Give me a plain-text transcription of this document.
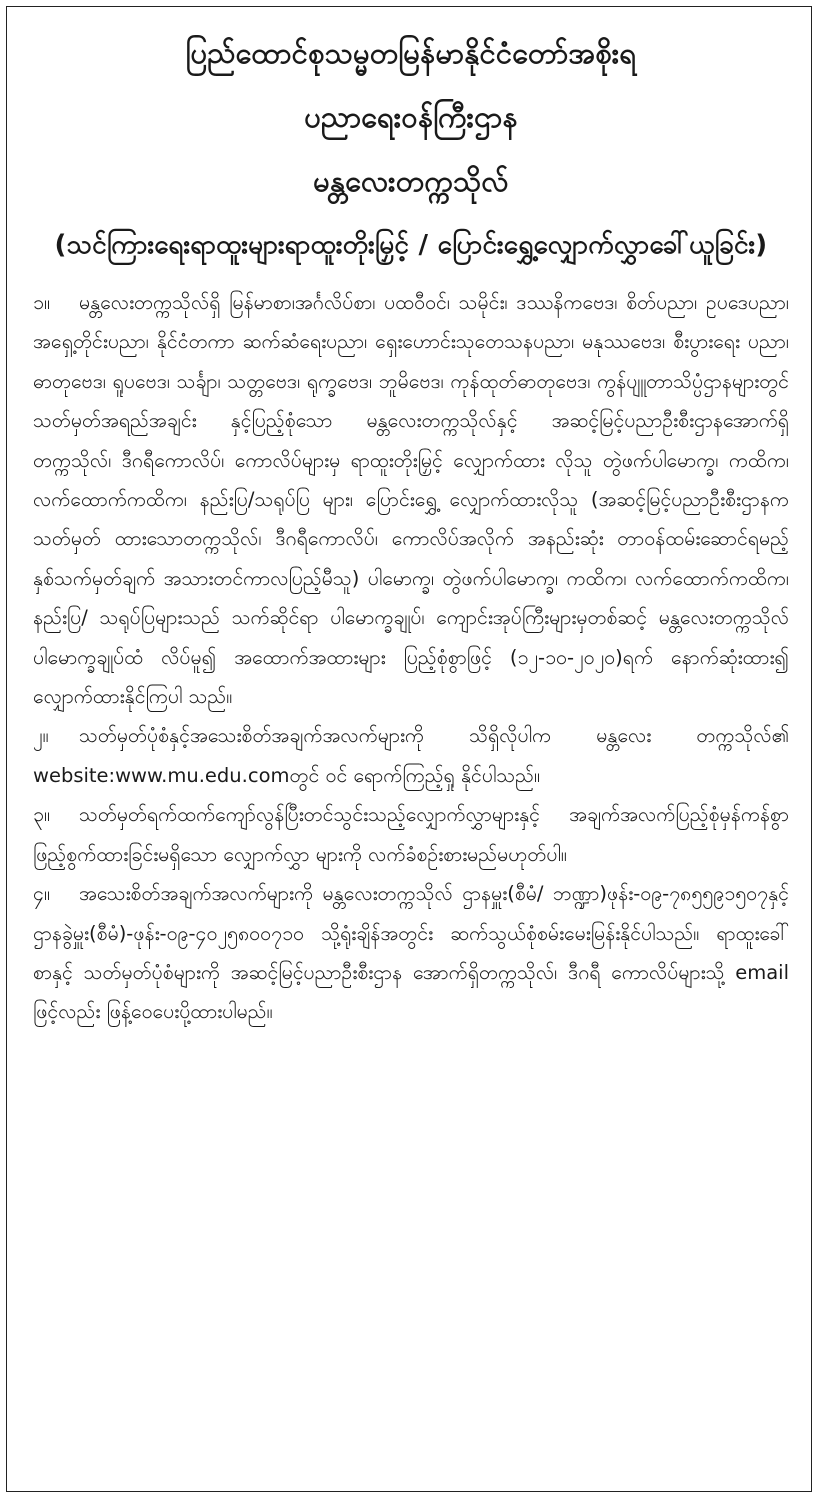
ပြည်ထောင်စုသမ္မတမြန်မာနိုင်ငံတော်အစိုးရ
ပညာရေးဝန်ကြီးဌာန
မန္တလေးတက္ကသိုလ်
(သင်ကြားရေးရာထူးများရာထူးတိုးမြှင့် / ပြောင်းရွှေ့လျှောက်လွှာခေါ်ယူခြင်း)

၁။ မန္တလေးတက္ကသိုလ်ရှိ မြန်မာစာ၊အင်္ဂလိပ်စာ၊ ပထဝီဝင်၊ သမိုင်း၊ ဒဿနိကဗေဒ၊ စိတ်ပညာ၊ ဥပဒေပညာ၊ အရှေ့တိုင်းပညာ၊ နိုင်ငံတကာ ဆက်ဆံရေးပညာ၊ ရှေးဟောင်းသုတေသနပညာ၊ မနုဿဗေဒ၊ စီးပွားရေး ပညာ၊ ဓာတုဗေဒ၊ ရူပဗေဒ၊ သင်္ချာ၊ သတ္တဗေဒ၊ ရုက္ခဗေဒ၊ ဘူမိဗေဒ၊ ကုန်ထုတ်ဓာတုဗေဒ၊ ကွန်ပျူတာသိပ္ပံဌာနများတွင် သတ်မှတ်အရည်အချင်း နှင့်ပြည့်စုံသော မန္တလေးတက္ကသိုလ်နှင့် အဆင့်မြင့်ပညာဦးစီးဌာနအောက်ရှိ တက္ကသိုလ်၊ ဒီဂရီကောလိပ်၊ ကောလိပ်များမှ ရာထူးတိုးမြှင့် လျှောက်ထား လိုသူ တွဲဖက်ပါမောက္ခ၊ ကထိက၊ လက်ထောက်ကထိက၊ နည်းပြ/သရုပ်ပြ များ၊ ပြောင်းရွှေ့ လျှောက်ထားလိုသူ (အဆင့်မြင့်ပညာဦးစီးဌာနက သတ်မှတ် ထားသောတက္ကသိုလ်၊ ဒီဂရီကောလိပ်၊ ကောလိပ်အလိုက် အနည်းဆုံး တာဝန်ထမ်းဆောင်ရမည့် နှစ်သက်မှတ်ချက် အသားတင်ကာလပြည့်မီသူ) ပါမောက္ခ၊ တွဲဖက်ပါမောက္ခ၊ ကထိက၊ လက်ထောက်ကထိက၊ နည်းပြ/ သရုပ်ပြများသည် သက်ဆိုင်ရာ ပါမောက္ခချုပ်၊ ကျောင်းအုပ်ကြီးများမှတစ်ဆင့် မန္တလေးတက္ကသိုလ် ပါမောက္ခချုပ်ထံ လိပ်မူ၍ အထောက်အထားများ ပြည့်စုံစွာဖြင့် (၁၂-၁၀-၂၀၂၀)ရက် နောက်ဆုံးထား၍ လျှောက်ထားနိုင်ကြပါ သည်။

၂။ သတ်မှတ်ပုံစံနှင့်အသေးစိတ်အချက်အလက်များကို သိရှိလိုပါက မန္တလေး တက္ကသိုလ်၏ website:www.mu.edu.comတွင် ဝင် ရောက်ကြည့်ရှု နိုင်ပါသည်။

၃။ သတ်မှတ်ရက်ထက်ကျော်လွန်ပြီးတင်သွင်းသည့်လျှောက်လွှာများနှင့် အချက်အလက်ပြည့်စုံမှန်ကန်စွာ ဖြည့်စွက်ထားခြင်းမရှိသော လျှောက်လွှာ များကို လက်ခံစဉ်းစားမည်မဟုတ်ပါ။

၄။ အသေးစိတ်အချက်အလက်များကို မန္တလေးတက္ကသိုလ် ဌာနမှူး(စီမံ/ ဘဏ္ဍာ)ဖုန်း-၀၉-၇၈၅၅၉၁၅၀၇နှင့် ဌာနခွဲမှူး(စီမံ)-ဖုန်း-၀၉-၄၀၂၅၈၀၀၇၁၀ သို့ရုံးချိန်အတွင်း ဆက်သွယ်စုံစမ်းမေးမြန်းနိုင်ပါသည်။ ရာထူးခေါ်စာနှင့် သတ်မှတ်ပုံစံများကို အဆင့်မြင့်ပညာဦးစီးဌာန အောက်ရှိတက္ကသိုလ်၊ ဒီဂရီ ကောလိပ်များသို့ email ဖြင့်လည်း ဖြန့်ဝေပေးပို့ထားပါမည်။
